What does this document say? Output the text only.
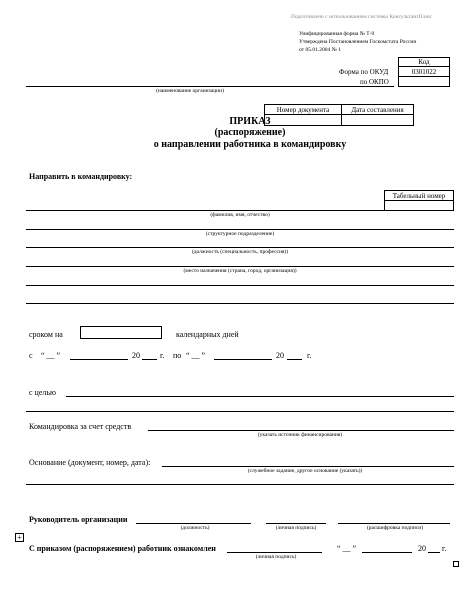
Подготовлено с использованием системы КонсультантПлюс
Унифицированная форма № Т-9
Утверждена Постановлением Госкомстата России
от 05.01.2004 № 1
Код
Форма по ОКУД	0301022
по ОКПО
(наименование организации)
Номер документа	Дата составления
ПРИКАЗ
(распоряжение)
о направлении работника в командировку
Направить в командировку:
Табельный номер
(фамилия, имя, отчество)
(структурное подразделение)
(должность (специальность, профессия))
(место назначения (страна, город, организация))
сроком на	календарных дней
с “ __ ”	20	г. по “ __ ”	20	г.
с целью
Командировка за счет средств
(указать источник финансирования)
Основание (документ, номер, дата):
(служебное задание, другое основание (указать))
Руководитель организации
(должность)	(личная подпись)	(расшифровка подписи)
+
С приказом (распоряжением) работник ознакомлен
(личная подпись)
“ __ ”	20 г.
